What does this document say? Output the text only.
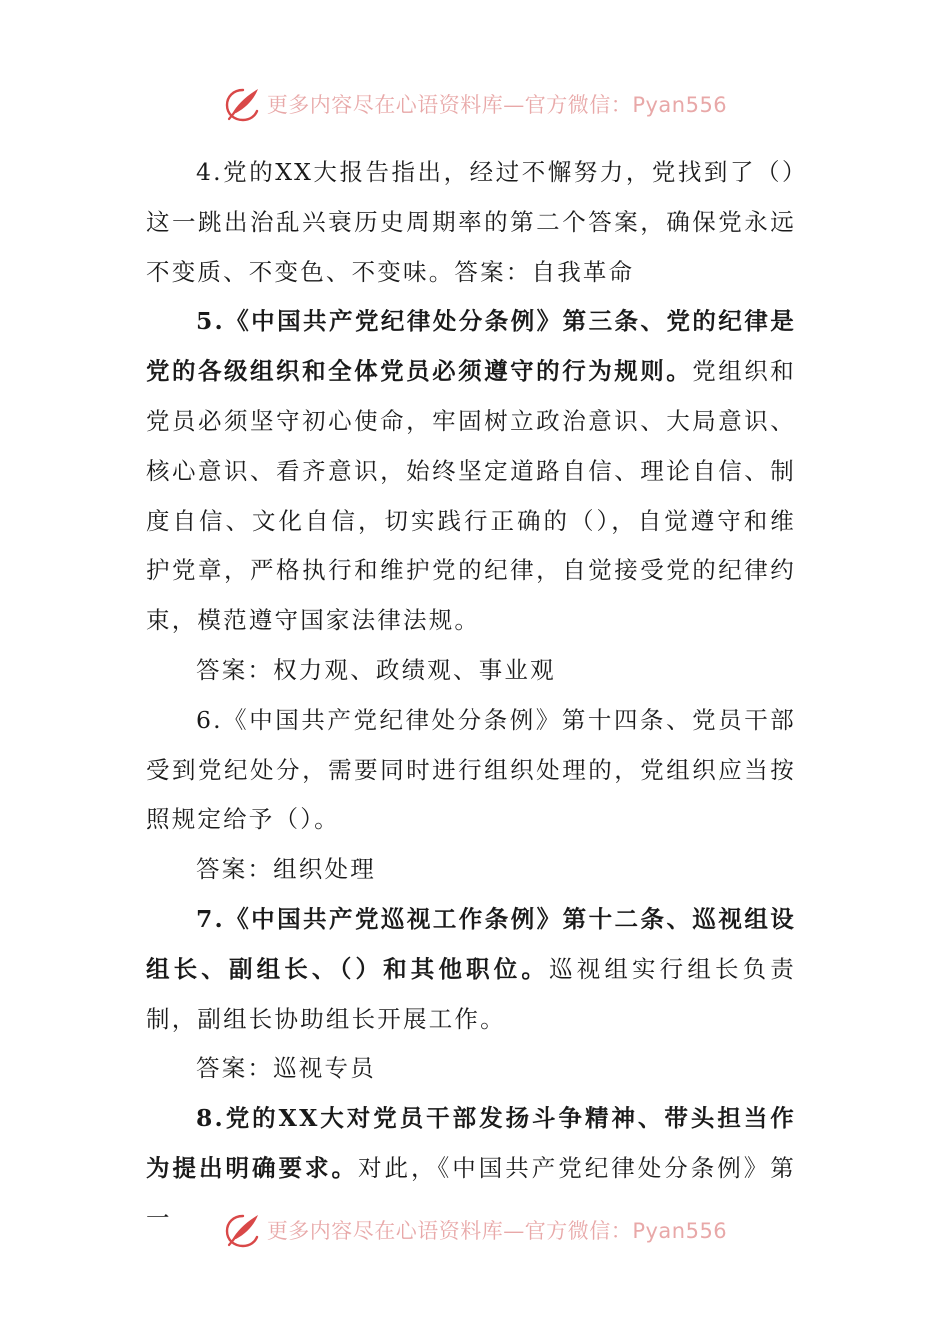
更多内容尽在心语资料库—官方微信：Pyan556

4.党的XX大报告指出，经过不懈努力，党找到了（）这一跳出治乱兴衰历史周期率的第二个答案，确保党永远不变质、不变色、不变味。答案：自我革命

5.《中国共产党纪律处分条例》第三条、党的纪律是党的各级组织和全体党员必须遵守的行为规则。党组织和党员必须坚守初心使命，牢固树立政治意识、大局意识、核心意识、看齐意识，始终坚定道路自信、理论自信、制度自信、文化自信，切实践行正确的（），自觉遵守和维护党章，严格执行和维护党的纪律，自觉接受党的纪律约束，模范遵守国家法律法规。

答案：权力观、政绩观、事业观

6.《中国共产党纪律处分条例》第十四条、党员干部受到党纪处分，需要同时进行组织处理的，党组织应当按照规定给予（）。

答案：组织处理

7.《中国共产党巡视工作条例》第十二条、巡视组设组长、副组长、（）和其他职位。巡视组实行组长负责制，副组长协助组长开展工作。

答案：巡视专员

8.党的XX大对党员干部发扬斗争精神、带头担当作为提出明确要求。对此，《中国共产党纪律处分条例》第一	更多内容尽在心语资料库—官方微信：Pyan556
